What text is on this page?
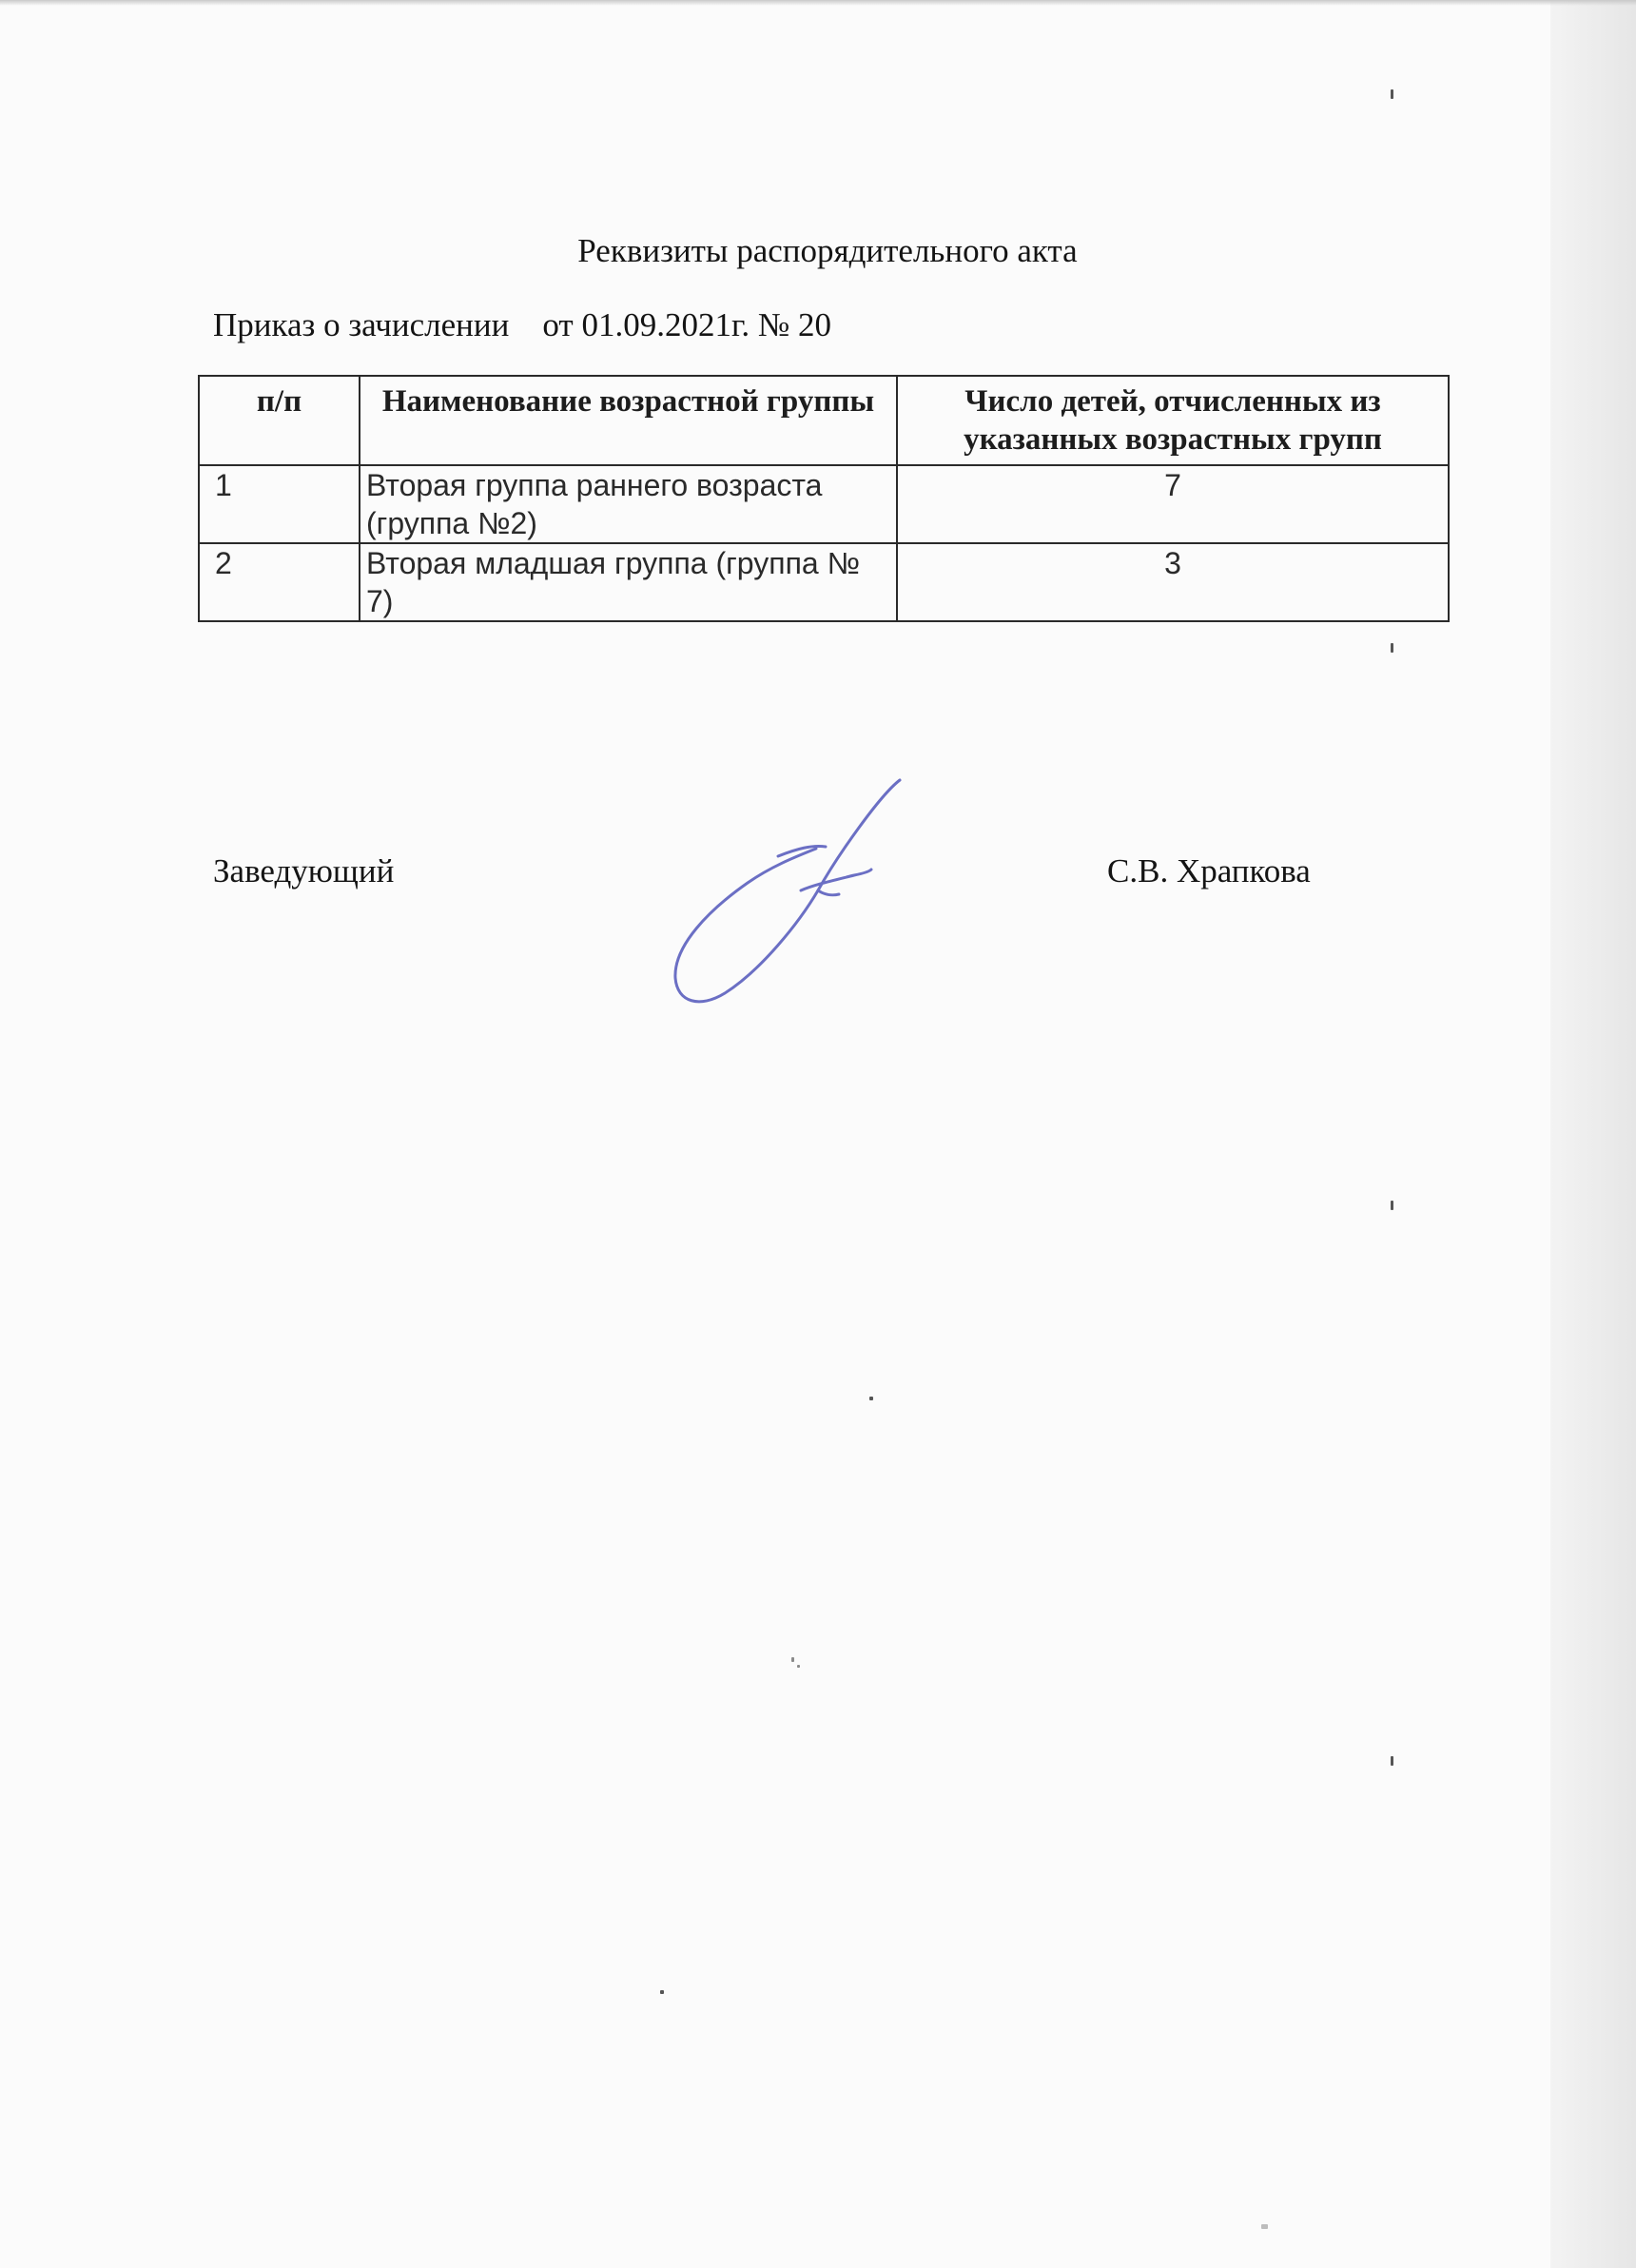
Реквизиты распорядительного акта
Приказ о зачислении от 01.09.2021г. № 20
п/п	Наименование возрастной группы	Число детей, отчисленных из указанных возрастных групп
1	Вторая группа раннего возраста (группа №2)	7
2	Вторая младшая группа (группа № 7)	3
Заведующий	С.В. Храпкова
